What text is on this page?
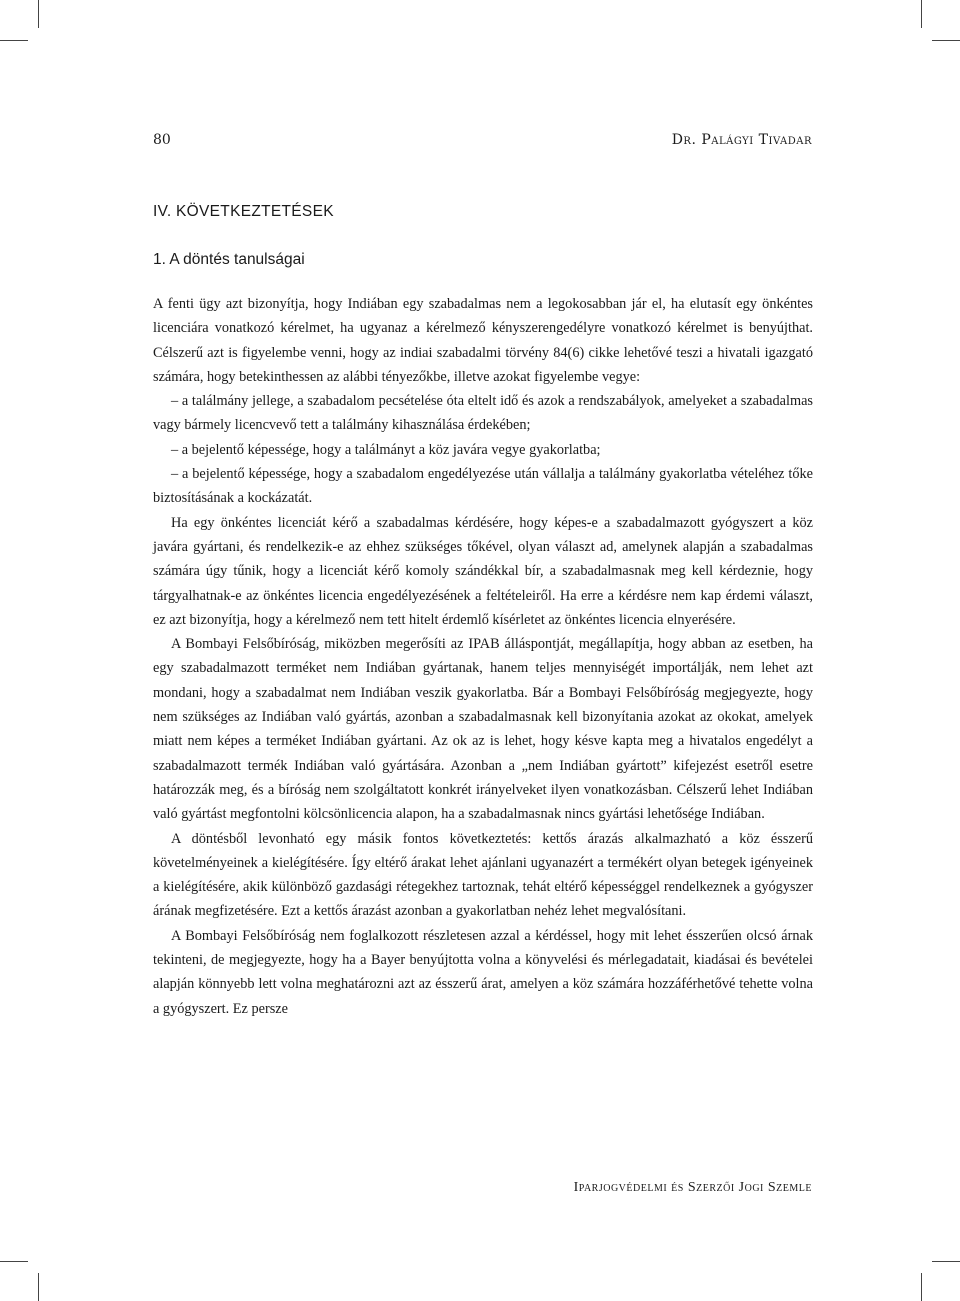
80	Dr. Palágyi Tivadar
IV. KÖVETKEZTETÉSEK
1. A döntés tanulságai

A fenti ügy azt bizonyítja, hogy Indiában egy szabadalmas nem a legokosabban jár el, ha elutasít egy önkéntes licenciára vonatkozó kérelmet, ha ugyanaz a kérelmező kényszerengedélyre vonatkozó kérelmet is benyújthat. Célszerű azt is figyelembe venni, hogy az indiai szabadalmi törvény 84(6) cikke lehetővé teszi a hivatali igazgató számára, hogy betekinthessen az alábbi tényezőkbe, illetve azokat figyelembe vegye:

– a találmány jellege, a szabadalom pecsételése óta eltelt idő és azok a rendszabályok, amelyeket a szabadalmas vagy bármely licencvevő tett a találmány kihasználása érdekében;

– a bejelentő képessége, hogy a találmányt a köz javára vegye gyakorlatba;

– a bejelentő képessége, hogy a szabadalom engedélyezése után vállalja a találmány gyakorlatba vételéhez tőke biztosításának a kockázatát.

Ha egy önkéntes licenciát kérő a szabadalmas kérdésére, hogy képes-e a szabadalmazott gyógyszert a köz javára gyártani, és rendelkezik-e az ehhez szükséges tőkével, olyan választ ad, amelynek alapján a szabadalmas számára úgy tűnik, hogy a licenciát kérő komoly szándékkal bír, a szabadalmasnak meg kell kérdeznie, hogy tárgyalhatnak-e az önkéntes licencia engedélyezésének a feltételeiről. Ha erre a kérdésre nem kap érdemi választ, ez azt bizonyítja, hogy a kérelmező nem tett hitelt érdemlő kísérletet az önkéntes licencia elnyerésére.

A Bombayi Felsőbíróság, miközben megerősíti az IPAB álláspontját, megállapítja, hogy abban az esetben, ha egy szabadalmazott terméket nem Indiában gyártanak, hanem teljes mennyiségét importálják, nem lehet azt mondani, hogy a szabadalmat nem Indiában veszik gyakorlatba. Bár a Bombayi Felsőbíróság megjegyezte, hogy nem szükséges az Indiában való gyártás, azonban a szabadalmasnak kell bizonyítania azokat az okokat, amelyek miatt nem képes a terméket Indiában gyártani. Az ok az is lehet, hogy késve kapta meg a hivatalos engedélyt a szabadalmazott termék Indiában való gyártására. Azonban a „nem Indiában gyártott” kifejezést esetről esetre határozzák meg, és a bíróság nem szolgáltatott konkrét irányelveket ilyen vonatkozásban. Célszerű lehet Indiában való gyártást megfontolni kölcsönlicencia alapon, ha a szabadalmasnak nincs gyártási lehetősége Indiában.

A döntésből levonható egy másik fontos következtetés: kettős árazás alkalmazható a köz ésszerű követelményeinek a kielégítésére. Így eltérő árakat lehet ajánlani ugyanazért a termékért olyan betegek igényeinek a kielégítésére, akik különböző gazdasági rétegekhez tartoznak, tehát eltérő képességgel rendelkeznek a gyógyszer árának megfizetésére. Ezt a kettős árazást azonban a gyakorlatban nehéz lehet megvalósítani.

A Bombayi Felsőbíróság nem foglalkozott részletesen azzal a kérdéssel, hogy mit lehet ésszerűen olcsó árnak tekinteni, de megjegyezte, hogy ha a Bayer benyújtotta volna a könyvelési és mérlegadatait, kiadásai és bevételei alapján könnyebb lett volna meghatározni azt az ésszerű árat, amelyen a köz számára hozzáférhetővé tehette volna a gyógyszert. Ez persze

Iparjogvédelmi és Szerzői Jogi Szemle
